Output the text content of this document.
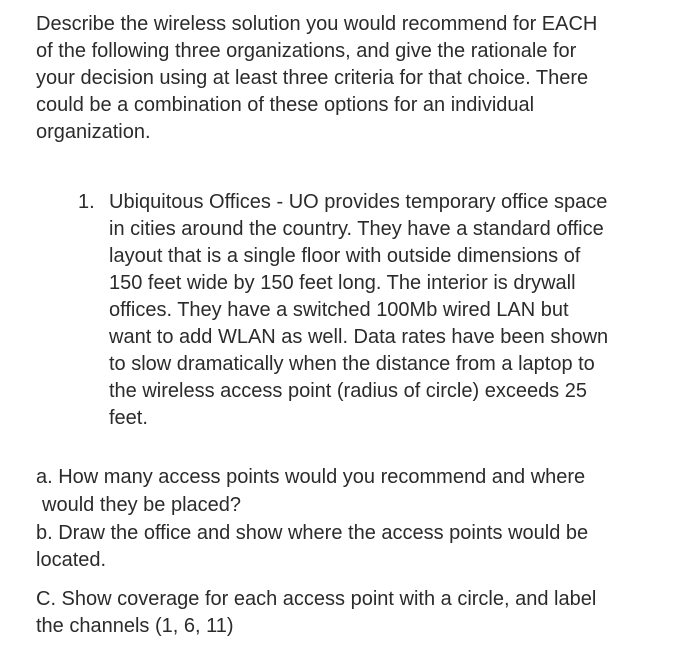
Describe the wireless solution you would recommend for EACH
of the following three organizations, and give the rationale for
your decision using at least three criteria for that choice. There
could be a combination of these options for an individual
organization.
1. Ubiquitous Offices - UO provides temporary office space
in cities around the country. They have a standard office
layout that is a single floor with outside dimensions of
150 feet wide by 150 feet long. The interior is drywall
offices. They have a switched 100Mb wired LAN but
want to add WLAN as well. Data rates have been shown
to slow dramatically when the distance from a laptop to
the wireless access point (radius of circle) exceeds 25
feet.
a. How many access points would you recommend and where
would they be placed?
b. Draw the office and show where the access points would be
located.
C. Show coverage for each access point with a circle, and label
the channels (1, 6, 11)
